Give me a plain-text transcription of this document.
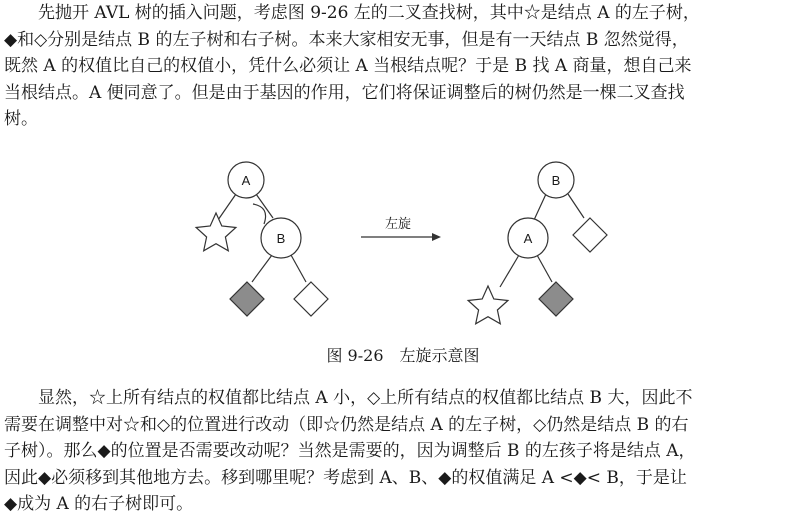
　　先抛开 AVL 树的插入问题，考虑图 9-26 左的二叉查找树，其中☆是结点 A 的左子树，
◆和◇分别是结点 B 的左子树和右子树。本来大家相安无事，但是有一天结点 B 忽然觉得，
既然 A 的权值比自己的权值小，凭什么必须让 A 当根结点呢？于是 B 找 A 商量，想自己来
当根结点。A 便同意了。但是由于基因的作用，它们将保证调整后的树仍然是一棵二叉查找
树。
A
B
左旋
B
A
图 9-26　左旋示意图
　　显然，☆上所有结点的权值都比结点 A 小，◇上所有结点的权值都比结点 B 大，因此不
需要在调整中对☆和◇的位置进行改动（即☆仍然是结点 A 的左子树，◇仍然是结点 B 的右
子树）。那么◆的位置是否需要改动呢？当然是需要的，因为调整后 B 的左孩子将是结点 A，
因此◆必须移到其他地方去。移到哪里呢？考虑到 A、B、◆的权值满足 A <◆< B，于是让
◆成为 A 的右子树即可。
